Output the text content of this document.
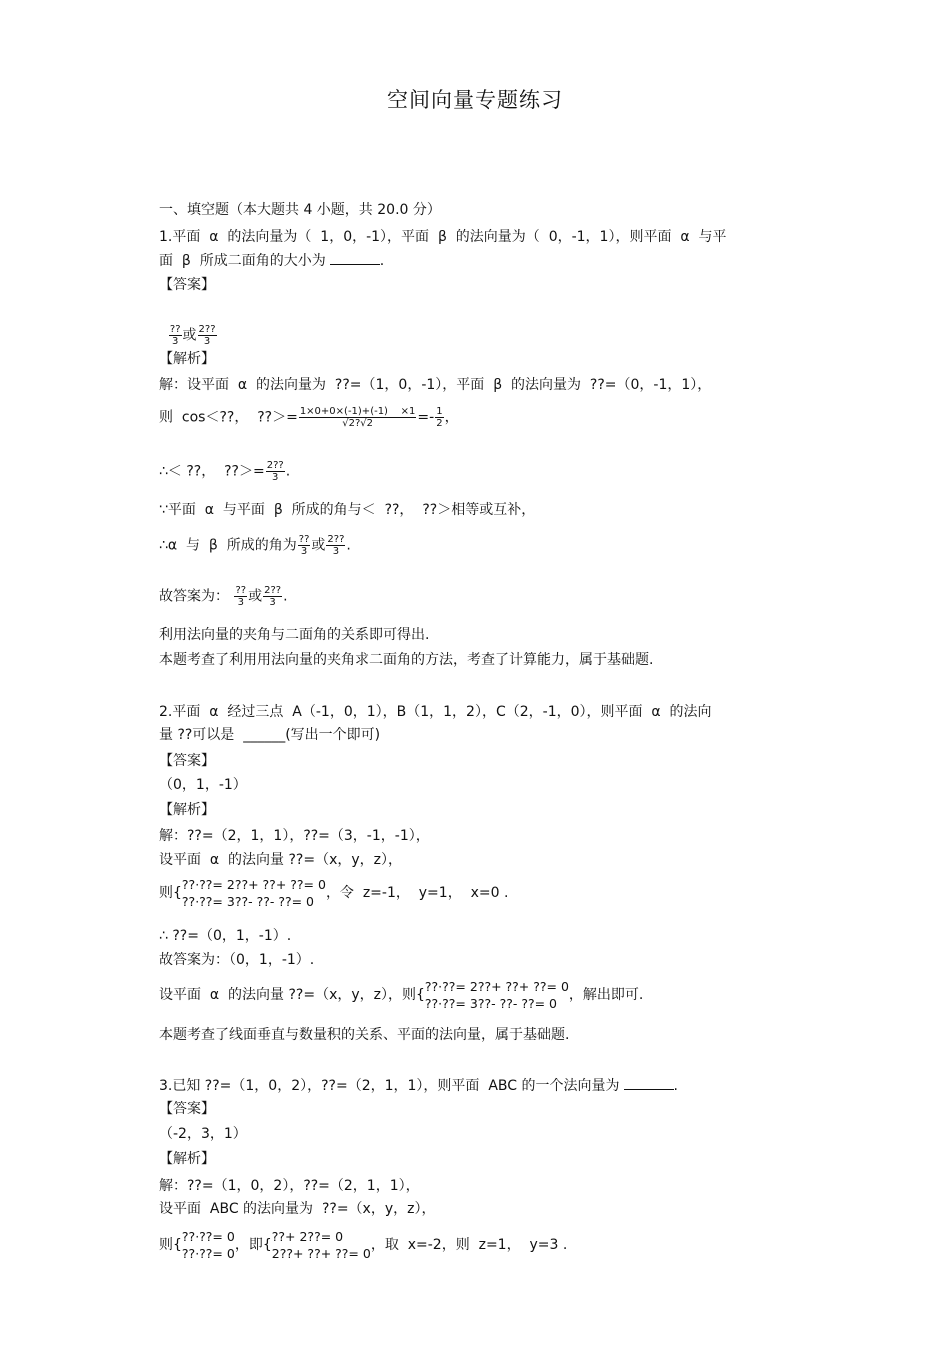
空间向量专题练习
一、填空题（本大题共 4 小题，共 20.0 分）
1.平面  α  的法向量为（  1，0，-1），平面  β  的法向量为（  0，-1，1），则平面  α  与平
面  β  所成二面角的大小为	.
【答案】

$\frac{??}{3}$ 或 $\frac{2??}{3}$

【解析】
解：设平面  α  的法向量为  ??=（1，0，-1），平面  β  的法向量为  ??=（0，-1，1），
则  cos＜??，  ??＞= $\frac{1\times 0+0\times(-1)+(-1) \times 1}{√2?√2} =- \frac{1}{2}$ ，
∴＜ ??，  ??＞= $\frac{2??}{3}$ .
∵平面  α  与平面  β  所成的角与＜  ??，  ??＞相等或互补，
∴α  与  β  所成的角为 $\frac{??}{3}$ 或 $\frac{2??}{3}$ .
故答案为： $\frac{??}{3}$ 或 $\frac{2??}{3}$ .
利用法向量的夹角与二面角的关系即可得出.
本题考查了利用用法向量的夹角求二面角的方法，考查了计算能力，属于基础题.
2.平面  α  经过三点  A（-1，0，1），B（1，1，2），C（2，-1，0），则平面  α  的法向
量 ??可以是  ______(写出一个即可)
【答案】
（0，1，-1）
【解析】
解：??=（2，1，1），??=（3，-1，-1），
设平面  α  的法向量 ??=（x，y，z），
则{
??·??= 2??+ ??+ ??= 0
??·??= 3??- ??- ??= 0
，令  z=-1，  y=1，  x=0 .
∴ ??=（0，1，-1）.
故答案为：（0，1，-1）.
设平面  α  的法向量 ??=（x，y，z），则{
??·??= 2??+ ??+ ??= 0
??·??= 3??- ??- ??= 0
，解出即可.
本题考查了线面垂直与数量积的关系、平面的法向量，属于基础题.
3.已知 ??=（1，0，2），??=（2，1，1），则平面  ABC 的一个法向量为	.
【答案】
（-2，3，1）
【解析】
解：??=（1，0，2），??=（2，1，1），
设平面  ABC 的法向量为  ??=（x，y，z），
则{
??·??= 0
??·??= 0
，即{
??+ 2??= 0
2??+ ??+ ??= 0
，取  x=-2，则  z=1，  y=3 .
